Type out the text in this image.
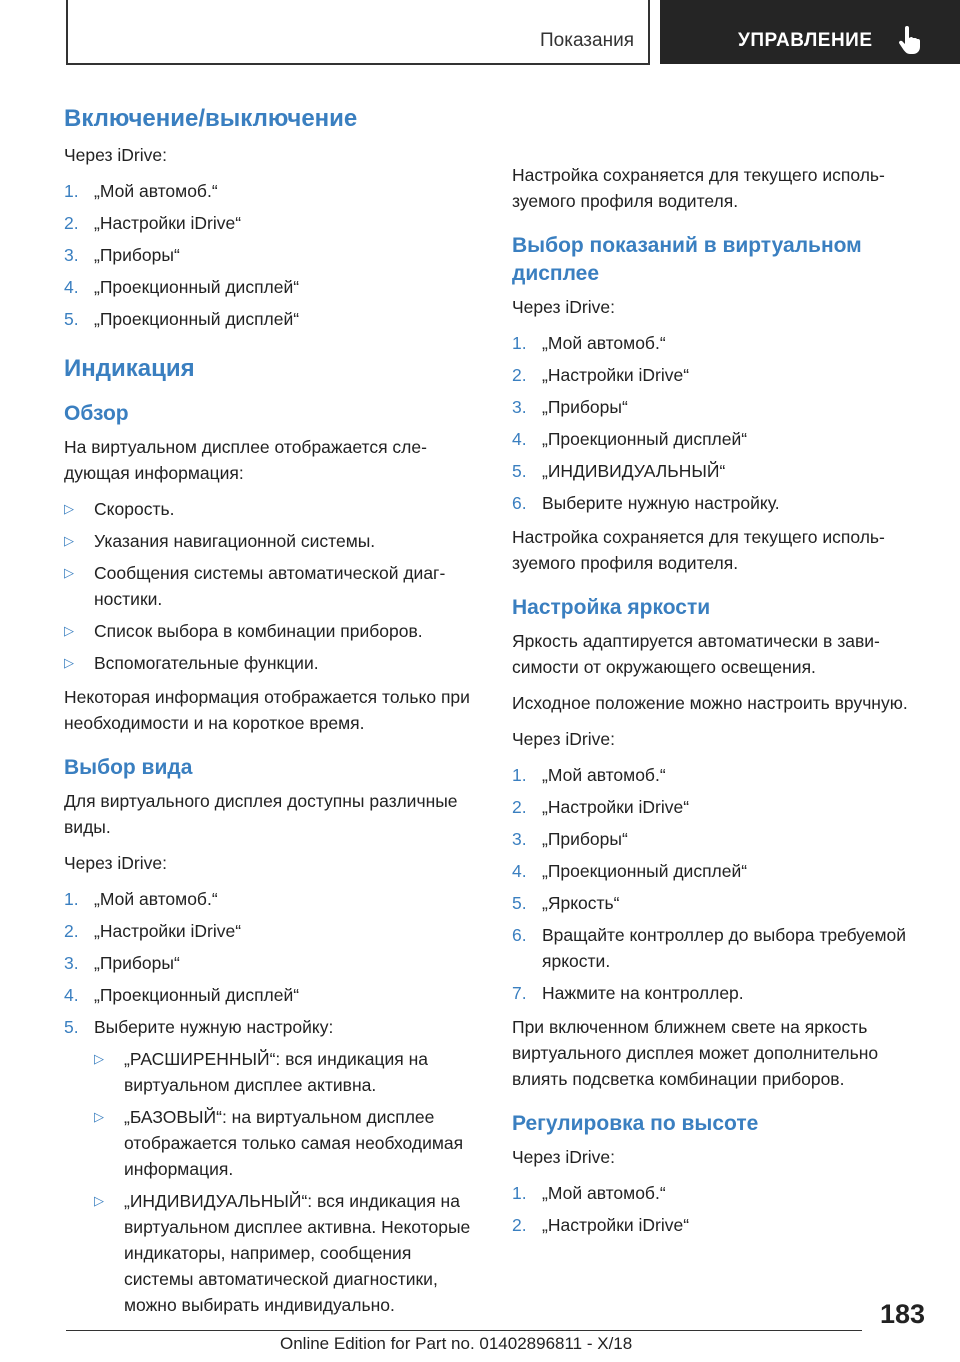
Показания	УПРАВЛЕНИЕ
Включение/выключение
Через iDrive:
1. „Мой автомоб.“
2. „Настройки iDrive“
3. „Приборы“
4. „Проекционный дисплей“
5. „Проекционный дисплей“
Индикация
Обзор
На виртуальном дисплее отображается следующая информация:
▷ Скорость.
▷ Указания навигационной системы.
▷ Сообщения системы автоматической диагностики.
▷ Список выбора в комбинации приборов.
▷ Вспомогательные функции.
Некоторая информация отображается только при необходимости и на короткое время.
Выбор вида
Для виртуального дисплея доступны различные виды.
Через iDrive:
1. „Мой автомоб.“
2. „Настройки iDrive“
3. „Приборы“
4. „Проекционный дисплей“
5. Выберите нужную настройку:
▷ „РАСШИРЕННЫЙ“: вся индикация на виртуальном дисплее активна.
▷ „БАЗОВЫЙ“: на виртуальном дисплее отображается только самая необходимая информация.
▷ „ИНДИВИДУАЛЬНЫЙ“: вся индикация на виртуальном дисплее активна. Некоторые индикаторы, например, сообщения системы автоматической диагностики, можно выбирать индивидуально.
Настройка сохраняется для текущего используемого профиля водителя.
Выбор показаний в виртуальном дисплее
Через iDrive:
1. „Мой автомоб.“
2. „Настройки iDrive“
3. „Приборы“
4. „Проекционный дисплей“
5. „ИНДИВИДУАЛЬНЫЙ“
6. Выберите нужную настройку.
Настройка сохраняется для текущего используемого профиля водителя.
Настройка яркости
Яркость адаптируется автоматически в зависимости от окружающего освещения.
Исходное положение можно настроить вручную.
Через iDrive:
1. „Мой автомоб.“
2. „Настройки iDrive“
3. „Приборы“
4. „Проекционный дисплей“
5. „Яркость“
6. Вращайте контроллер до выбора требуемой яркости.
7. Нажмите на контроллер.
При включенном ближнем свете на яркость виртуального дисплея может дополнительно влиять подсветка комбинации приборов.
Регулировка по высоте
Через iDrive:
1. „Мой автомоб.“
2. „Настройки iDrive“
183
Online Edition for Part no. 01402896811 - X/18
